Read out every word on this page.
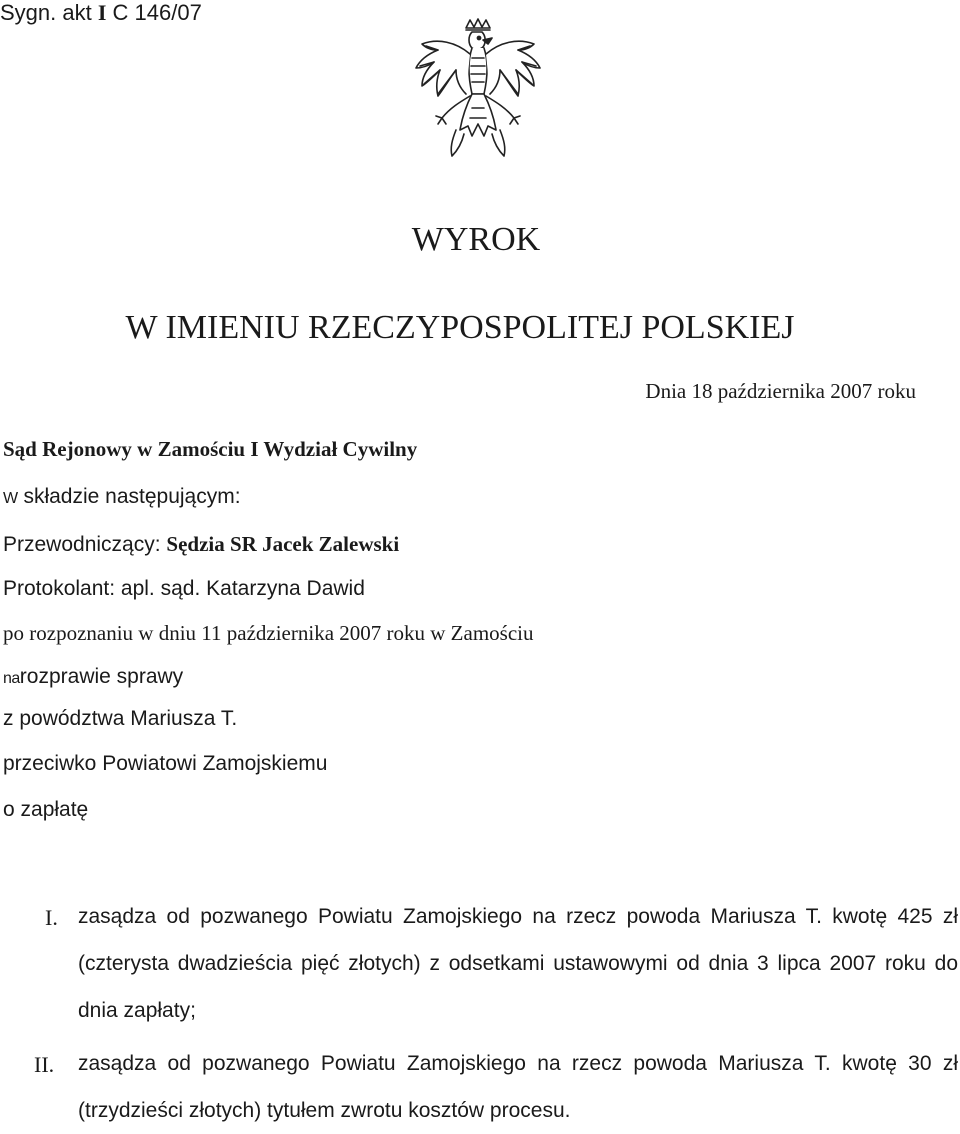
Sygn. akt I C 146/07
WYROK
W IMIENIU RZECZYPOSPOLITEJ POLSKIEJ
Dnia 18 października 2007 roku
Sąd Rejonowy w Zamościu I Wydział Cywilny
W składzie następującym:
Przewodniczący: Sędzia SR Jacek Zalewski
Protokolant: apl. sąd. Katarzyna Dawid
po rozpoznaniu w dniu 11 października 2007 roku w Zamościu
narozprawie sprawy
z powództwa Mariusza T.
przeciwko Powiatowi Zamojskiemu
o zapłatę
I. zasądza od pozwanego Powiatu Zamojskiego na rzecz powoda Mariusza T. kwotę 425 zł (czterysta dwadzieścia pięć złotych) z odsetkami ustawowymi od dnia 3 lipca 2007 roku do dnia zapłaty;
II. zasądza od pozwanego Powiatu Zamojskiego na rzecz powoda Mariusza T. kwotę 30 zł (trzydzieści złotych) tytułem zwrotu kosztów procesu.
